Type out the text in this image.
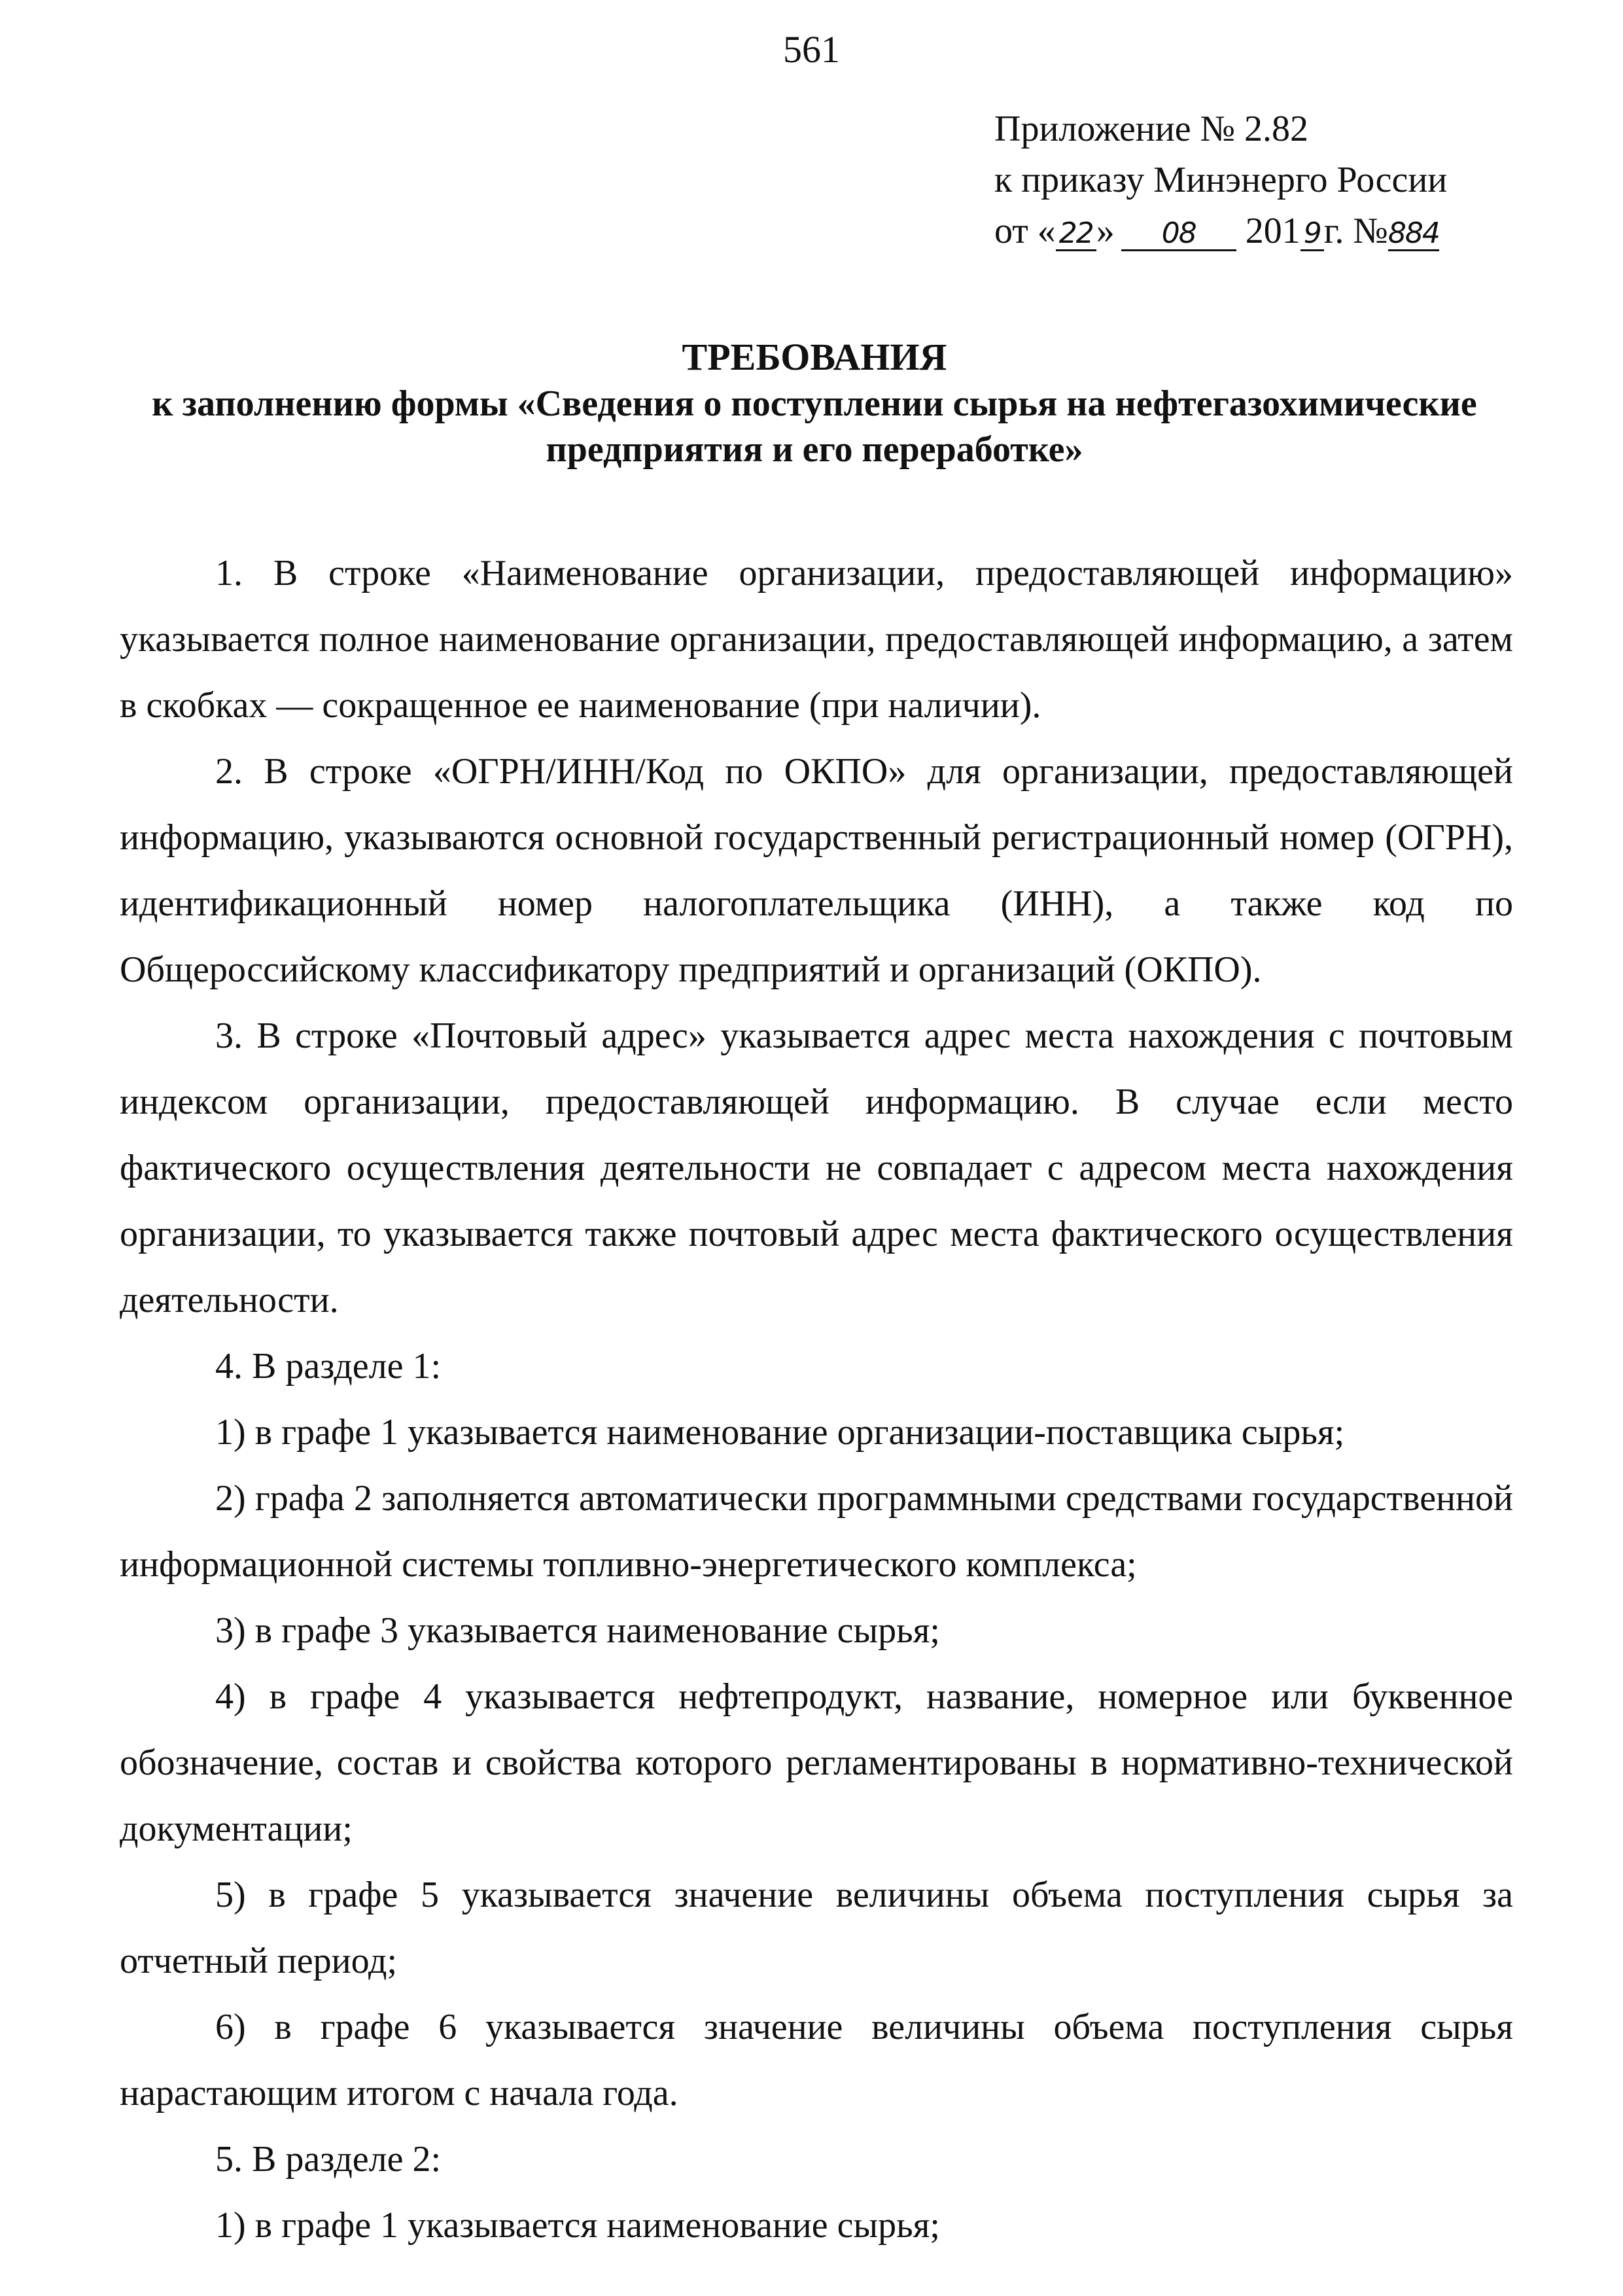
561
Приложение № 2.82
к приказу Минэнерго России
от « 22» 08 201 9г. №884
ТРЕБОВАНИЯ
к заполнению формы «Сведения о поступлении сырья на нефтегазохимические
предприятия и его переработке»

1. В строке «Наименование организации, предоставляющей информацию» указывается полное наименование организации, предоставляющей информацию, а затем в скобках — сокращенное ее наименование (при наличии).

2. В строке «ОГРН/ИНН/Код по ОКПО» для организации, предоставляющей информацию, указываются основной государственный регистрационный номер (ОГРН), идентификационный номер налогоплательщика (ИНН), а также код по Общероссийскому классификатору предприятий и организаций (ОКПО).

3. В строке «Почтовый адрес» указывается адрес места нахождения с почтовым индексом организации, предоставляющей информацию. В случае если место фактического осуществления деятельности не совпадает с адресом места нахождения организации, то указывается также почтовый адрес места фактического осуществления деятельности.

4. В разделе 1:

1) в графе 1 указывается наименование организации-поставщика сырья;

2) графа 2 заполняется автоматически программными средствами государственной информационной системы топливно-энергетического комплекса;

3) в графе 3 указывается наименование сырья;

4) в графе 4 указывается нефтепродукт, название, номерное или буквенное обозначение, состав и свойства которого регламентированы в нормативно-технической документации;

5) в графе 5 указывается значение величины объема поступления сырья за отчетный период;

6) в графе 6 указывается значение величины объема поступления сырья нарастающим итогом с начала года.

5. В разделе 2:

1) в графе 1 указывается наименование сырья;
